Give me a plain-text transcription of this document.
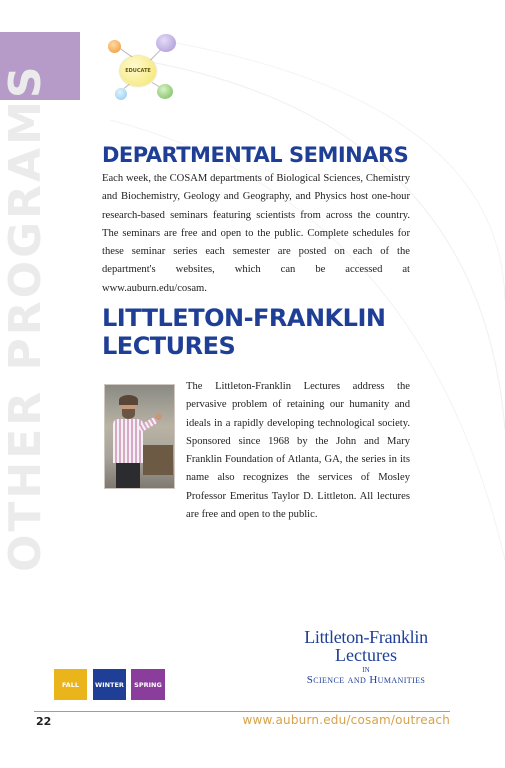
OTHER PROGRAMS	EDUCATE
DEPARTMENTAL SEMINARS

Each week, the COSAM departments of Biological Sciences, Chemistry and Biochemistry, Geology and Geography, and Physics host one-hour research-based seminars featuring scientists from across the country. The seminars are free and open to the public. Complete schedules for these seminar series each semester are posted on each of the department's websites, which can be accessed at www.auburn.edu/cosam.

LITTLETON-FRANKLIN
LECTURES

The Littleton-Franklin Lectures address the pervasive problem of retaining our humanity and ideals in a rapidly developing technological society. Sponsored since 1968 by the John and Mary Franklin Foundation of Atlanta, GA, the series in its name also recognizes the services of Mosley Professor Emeritus Taylor D. Littleton. All lectures are free and open to the public.

Littleton-Franklin
Lectures
IN
Science and Humanities
FALL	WINTER	SPRING
22	www.auburn.edu/cosam/outreach
